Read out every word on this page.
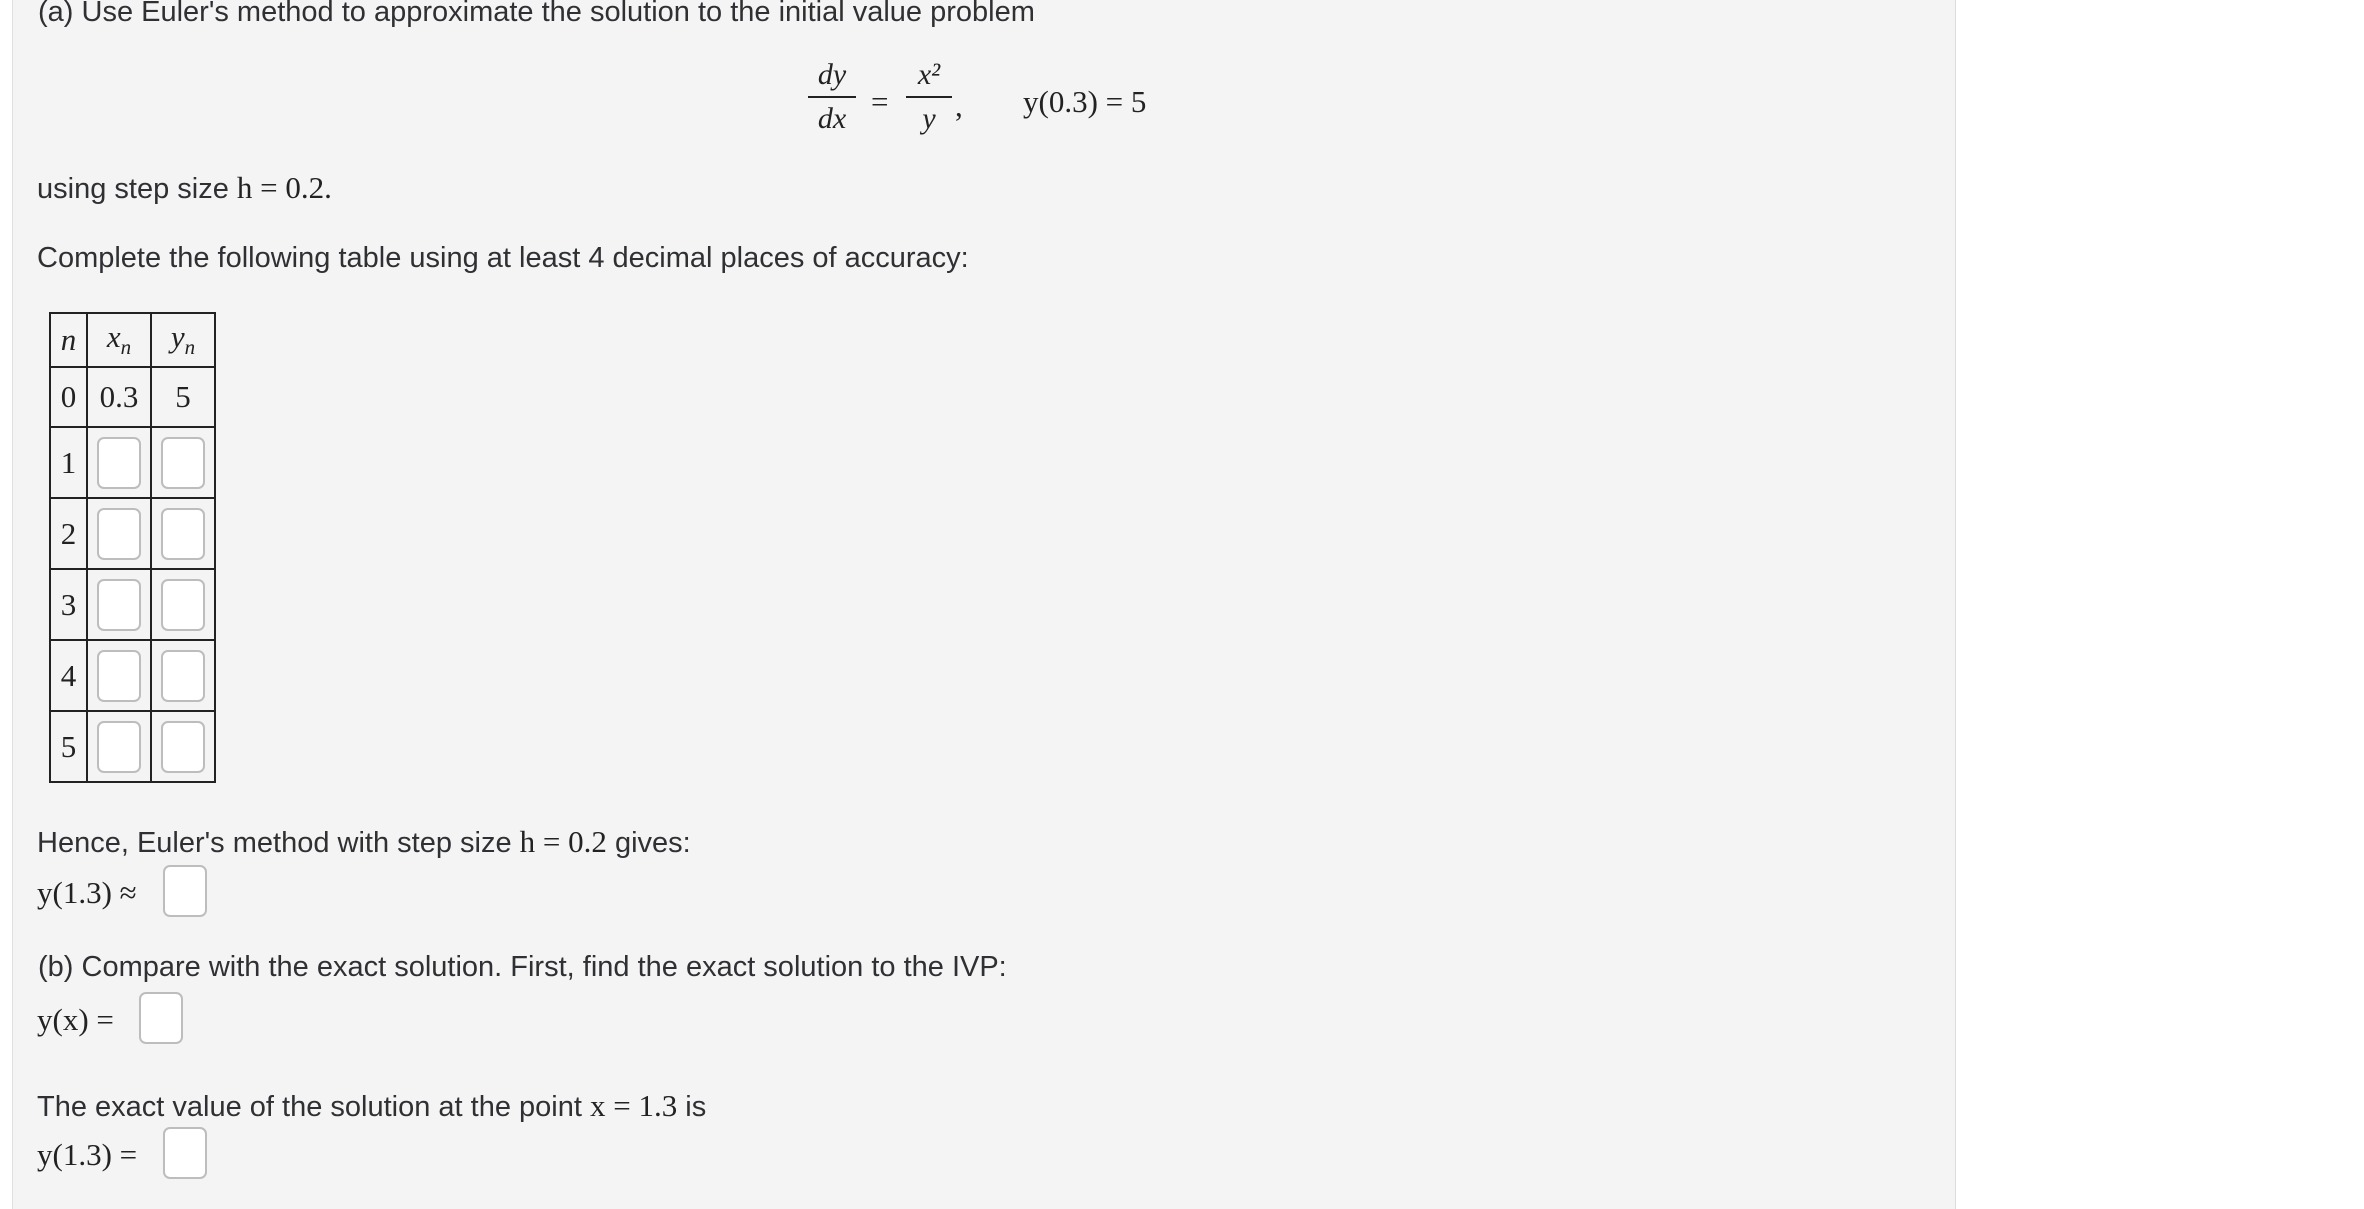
(a) Use Euler's method to approximate the solution to the initial value problem
dy
dx =
x²
y , y(0.3) = 5
using step size h = 0.2.
Complete the following table using at least 4 decimal places of accuracy:
n	$x_n$	$y_n$
0	0.3	5
1		
2		
3		
4		
5		
Hence, Euler's method with step size h = 0.2 gives:
y(1.3) ≈
(b) Compare with the exact solution. First, find the exact solution to the IVP:
y(x) =
The exact value of the solution at the point x = 1.3 is
y(1.3) =
